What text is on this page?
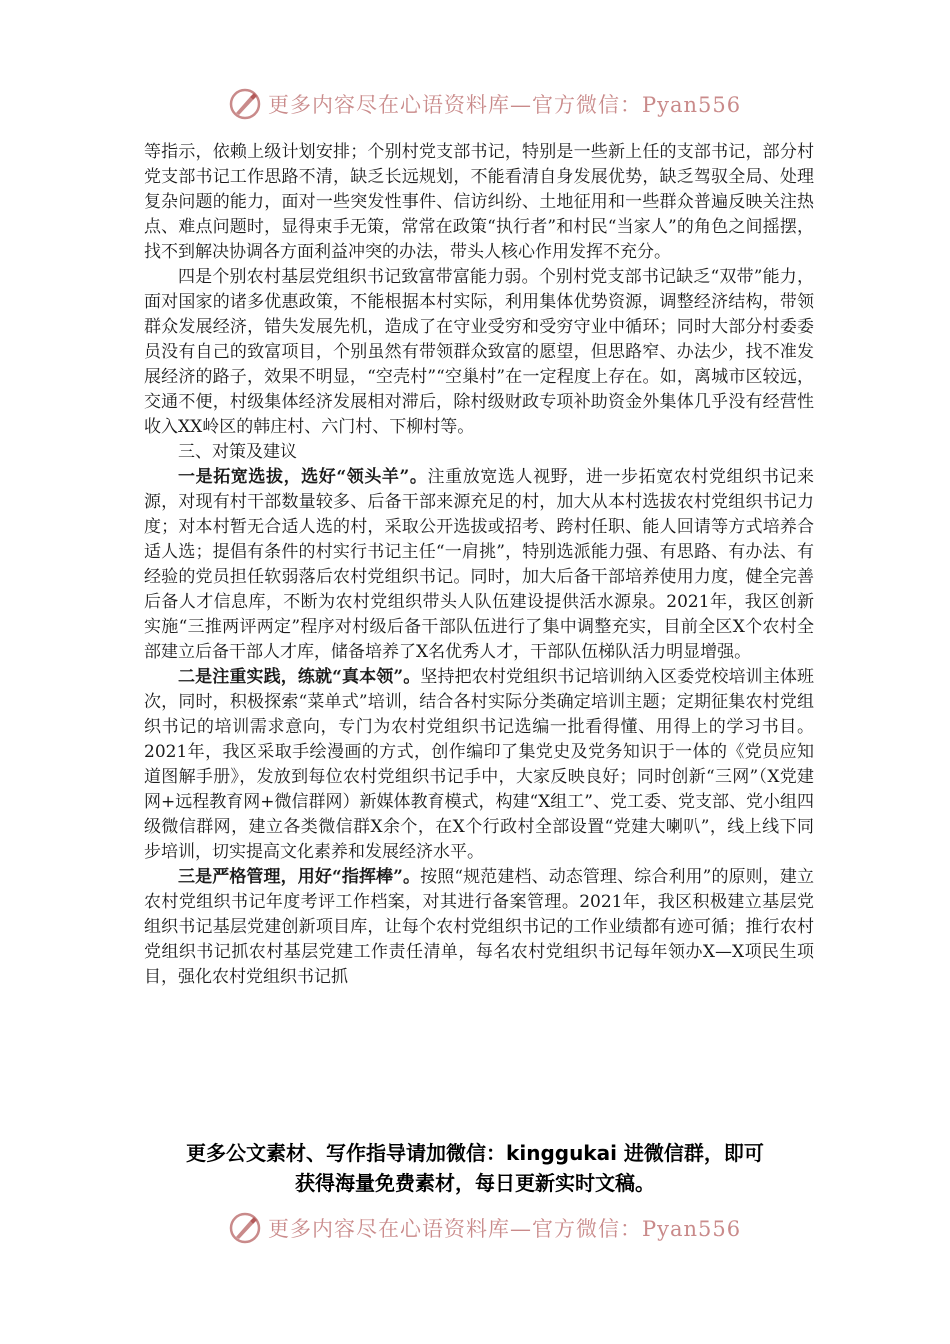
更多内容尽在心语资料库—官方微信：Pyan556

等指示，依赖上级计划安排；个别村党支部书记，特别是一些新上任的支部书记，部分村党支部书记工作思路不清，缺乏长远规划，不能看清自身发展优势，缺乏驾驭全局、处理复杂问题的能力，面对一些突发性事件、信访纠纷、土地征用和一些群众普遍反映关注热点、难点问题时，显得束手无策，常常在政策“执行者”和村民“当家人”的角色之间摇摆，找不到解决协调各方面利益冲突的办法，带头人核心作用发挥不充分。

四是个别农村基层党组织书记致富带富能力弱。个别村党支部书记缺乏“双带”能力，面对国家的诸多优惠政策，不能根据本村实际，利用集体优势资源，调整经济结构，带领群众发展经济，错失发展先机，造成了在守业受穷和受穷守业中循环；同时大部分村委委员没有自己的致富项目，个别虽然有带领群众致富的愿望，但思路窄、办法少，找不准发展经济的路子，效果不明显，“空壳村”“空巢村”在一定程度上存在。如，离城市区较远，交通不便，村级集体经济发展相对滞后，除村级财政专项补助资金外集体几乎没有经营性收入XX岭区的韩庄村、六门村、下柳村等。

三、对策及建议

一是拓宽选拔，选好“领头羊”。注重放宽选人视野，进一步拓宽农村党组织书记来源，对现有村干部数量较多、后备干部来源充足的村，加大从本村选拔农村党组织书记力度；对本村暂无合适人选的村，采取公开选拔或招考、跨村任职、能人回请等方式培养合适人选；提倡有条件的村实行书记主任“一肩挑”，特别选派能力强、有思路、有办法、有经验的党员担任软弱落后农村党组织书记。同时，加大后备干部培养使用力度，健全完善后备人才信息库，不断为农村党组织带头人队伍建设提供活水源泉。2021年，我区创新实施“三推两评两定”程序对村级后备干部队伍进行了集中调整充实，目前全区X个农村全部建立后备干部人才库，储备培养了X名优秀人才，干部队伍梯队活力明显增强。

二是注重实践，练就“真本领”。坚持把农村党组织书记培训纳入区委党校培训主体班次，同时，积极探索“菜单式”培训，结合各村实际分类确定培训主题；定期征集农村党组织书记的培训需求意向，专门为农村党组织书记选编一批看得懂、用得上的学习书目。2021年，我区采取手绘漫画的方式，创作编印了集党史及党务知识于一体的《党员应知道图解手册》，发放到每位农村党组织书记手中，大家反映良好；同时创新“三网”（X党建网+远程教育网+微信群网）新媒体教育模式，构建“X组工”、党工委、党支部、党小组四级微信群网，建立各类微信群X余个，在X个行政村全部设置“党建大喇叭”，线上线下同步培训，切实提高文化素养和发展经济水平。

三是严格管理，用好“指挥棒”。按照“规范建档、动态管理、综合利用”的原则，建立农村党组织书记年度考评工作档案，对其进行备案管理。2021年，我区积极建立基层党组织书记基层党建创新项目库，让每个农村党组织书记的工作业绩都有迹可循；推行农村党组织书记抓农村基层党建工作责任清单，每名农村党组织书记每年领办X—X项民生项目，强化农村党组织书记抓

更多公文素材、写作指导请加微信：kinggukai 进微信群，即可
获得海量免费素材，每日更新实时文稿。
更多内容尽在心语资料库—官方微信：Pyan556
